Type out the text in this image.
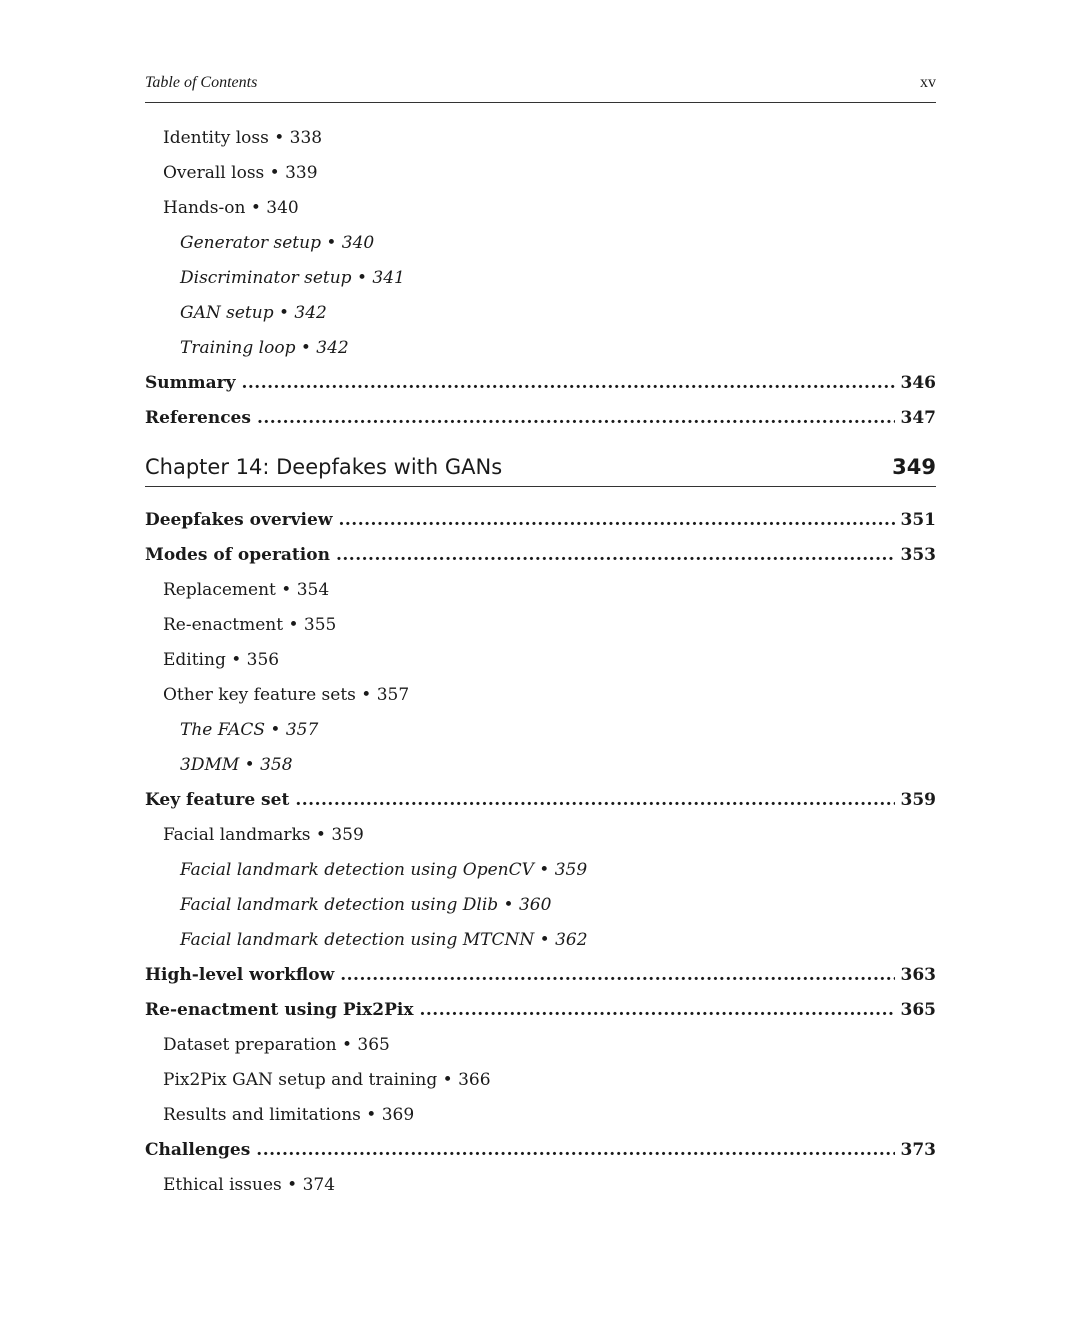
Table of Contents	xv
Identity loss • 338
Overall loss • 339
Hands-on • 340
Generator setup • 340
Discriminator setup • 341
GAN setup • 342
Training loop • 342
Summary .....	346
References .....	347
Chapter 14: Deepfakes with GANs	349
Deepfakes overview .....	351
Modes of operation .....	353
Replacement • 354
Re-enactment • 355
Editing • 356
Other key feature sets • 357
The FACS • 357
3DMM • 358
Key feature set .....	359
Facial landmarks • 359
Facial landmark detection using OpenCV • 359
Facial landmark detection using Dlib • 360
Facial landmark detection using MTCNN • 362
High-level workflow .....	363
Re-enactment using Pix2Pix .....	365
Dataset preparation • 365
Pix2Pix GAN setup and training • 366
Results and limitations • 369
Challenges .....	373
Ethical issues • 374
